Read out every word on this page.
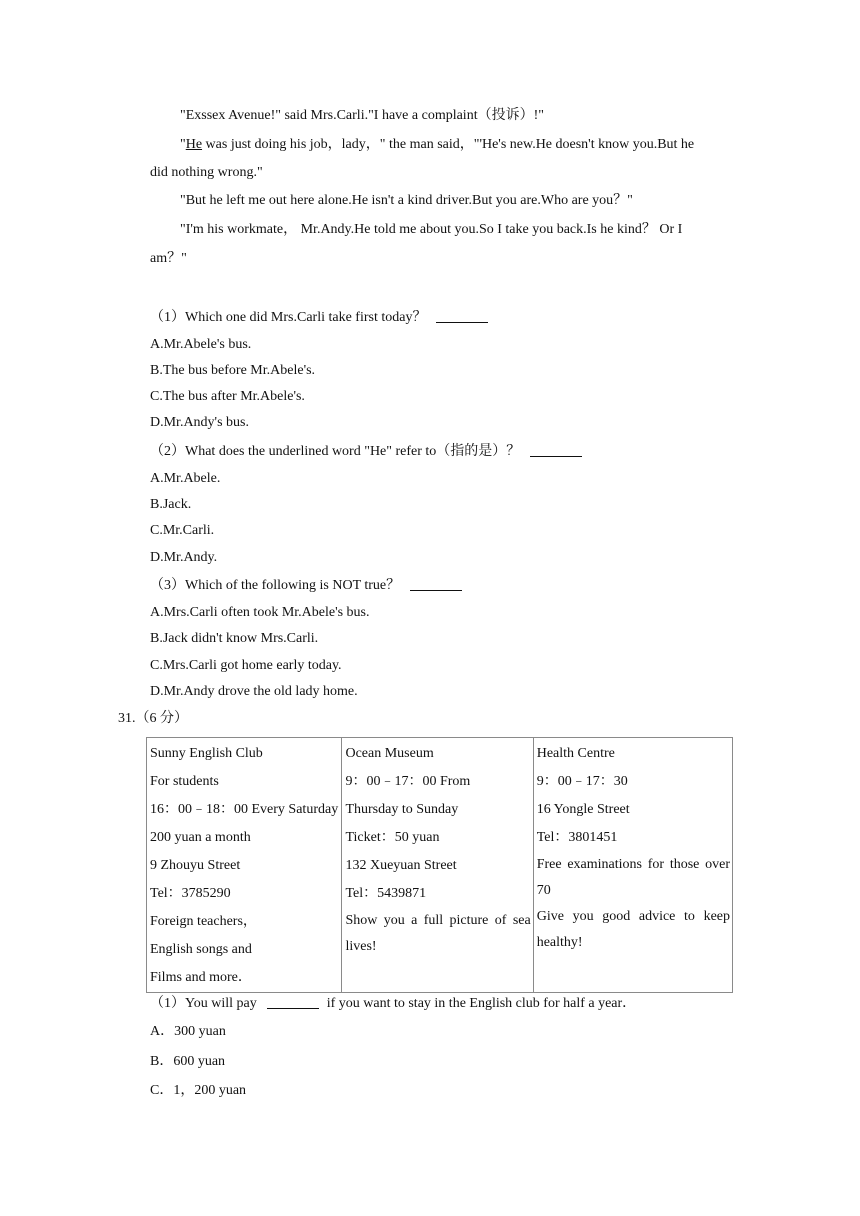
"Exssex Avenue!" said Mrs.Carli."I have a complaint（投诉）!"
"He was just doing his job，lady，" the man said，"'He's new.He doesn't know you.But he
did nothing wrong."
"But he left me out here alone.He isn't a kind driver.But you are.Who are you？"
"I'm his workmate， Mr.Andy.He told me about you.So I take you back.Is he kind？ Or I
am？"
（1）Which one did Mrs.Carli take first today？
A.Mr.Abele's bus.
B.The bus before Mr.Abele's.
C.The bus after Mr.Abele's.
D.Mr.Andy's bus.
（2）What does the underlined word "He" refer to（指的是）？
A.Mr.Abele.
B.Jack.
C.Mr.Carli.
D.Mr.Andy.
（3）Which of the following is NOT true？
A.Mrs.Carli often took Mr.Abele's bus.
B.Jack didn't know Mrs.Carli.
C.Mrs.Carli got home early today.
D.Mr.Andy drove the old lady home.
31.（6 分）
Sunny English Club
For students
16：00﹣18：00 Every Saturday
200 yuan a month
9 Zhouyu Street
Tel：3785290
Foreign teachers，
English songs and
Films and more．

Ocean Museum
9：00﹣17：00 From
Thursday to Sunday
Ticket：50 yuan
132 Xueyuan Street
Tel：5439871
Show you a full picture of sea lives!

Health Centre
9：00﹣17：30
16 Yongle Street
Tel：3801451
Free examinations for those over 70
Give you good advice to keep healthy!
（1）You will pay	if you want to stay in the English club for half a year．
A．300 yuan
B．600 yuan
C．1，200 yuan
